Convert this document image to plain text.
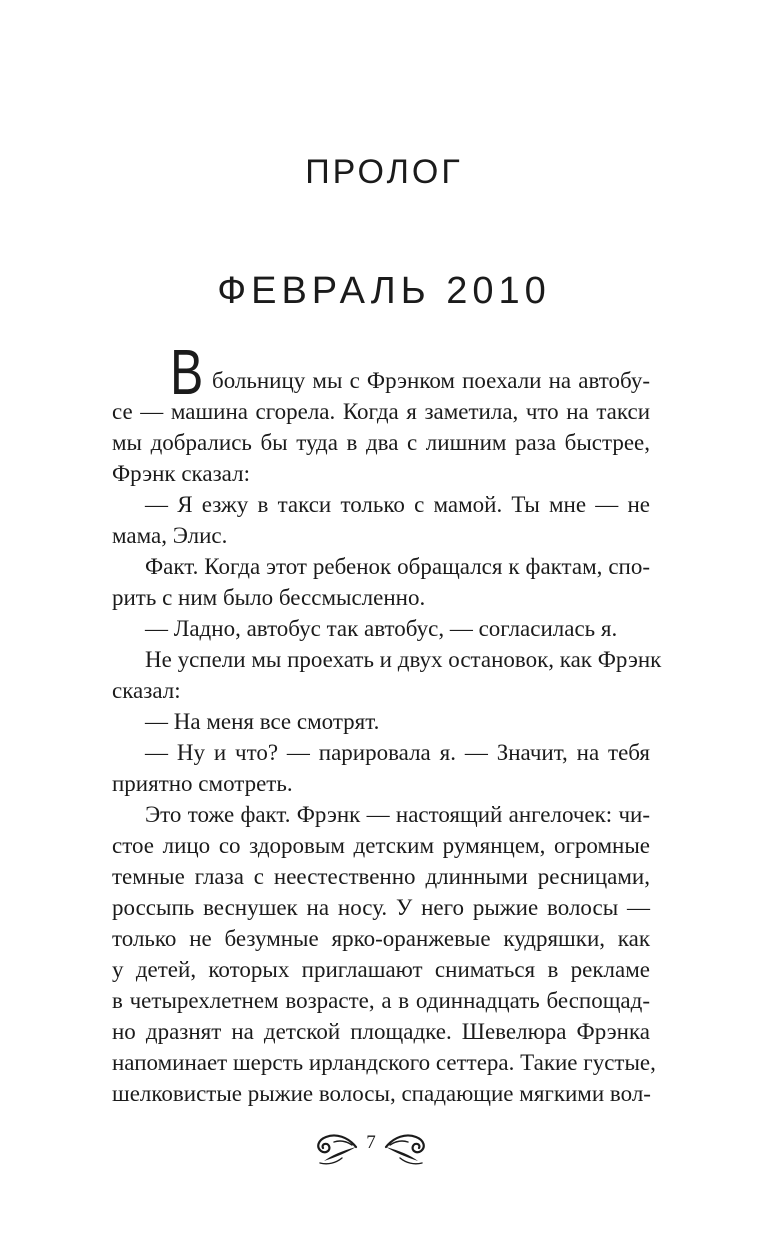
ПРОЛОГ
ФЕВРАЛЬ 2010
В больницу мы с Фрэнком поехали на автобу-
се — машина сгорела. Когда я заметила, что на такси
мы добрались бы туда в два с лишним раза быстрее,
Фрэнк сказал:
— Я езжу в такси только с мамой. Ты мне — не
мама, Элис.
Факт. Когда этот ребенок обращался к фактам, спо-
рить с ним было бессмысленно.
— Ладно, автобус так автобус, — согласилась я.
Не успели мы проехать и двух остановок, как Фрэнк
сказал:
— На меня все смотрят.
— Ну и что? — парировала я. — Значит, на тебя
приятно смотреть.
Это тоже факт. Фрэнк — настоящий ангелочек: чи-
стое лицо со здоровым детским румянцем, огромные
темные глаза с неестественно длинными ресницами,
россыпь веснушек на носу. У него рыжие волосы —
только не безумные ярко-оранжевые кудряшки, как
у детей, которых приглашают сниматься в рекламе
в четырехлетнем возрасте, а в одиннадцать беспощад-
но дразнят на детской площадке. Шевелюра Фрэнка
напоминает шерсть ирландского сеттера. Такие густые,
шелковистые рыжие волосы, спадающие мягкими вол-
7
